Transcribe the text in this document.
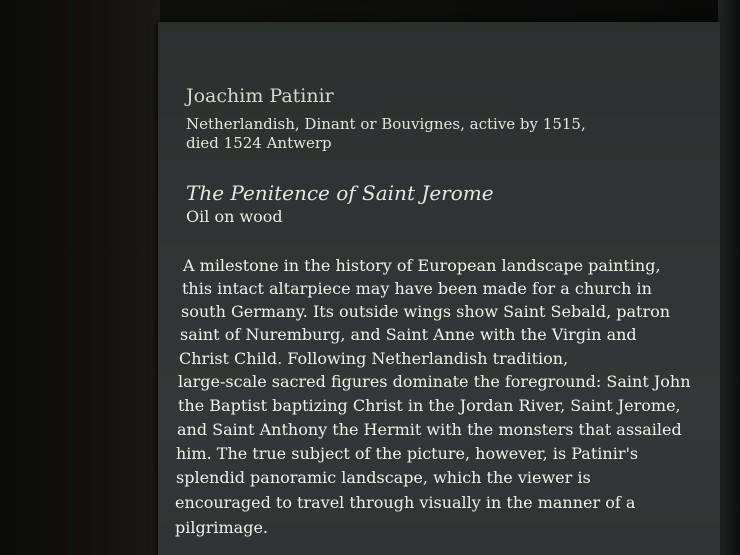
Joachim Patinir

Netherlandish, Dinant or Bouvignes, active by 1515,

died 1524 Antwerp

The Penitence of Saint Jerome

Oil on wood

A milestone in the history of European landscape painting,

this intact altarpiece may have been made for a church in

south Germany. Its outside wings show Saint Sebald, patron

saint of Nuremburg, and Saint Anne with the Virgin and

Christ Child. Following Netherlandish tradition,

large-scale sacred figures dominate the foreground: Saint John

the Baptist baptizing Christ in the Jordan River, Saint Jerome,

and Saint Anthony the Hermit with the monsters that assailed

him. The true subject of the picture, however, is Patinir's

splendid panoramic landscape, which the viewer is

encouraged to travel through visually in the manner of a

pilgrimage.
